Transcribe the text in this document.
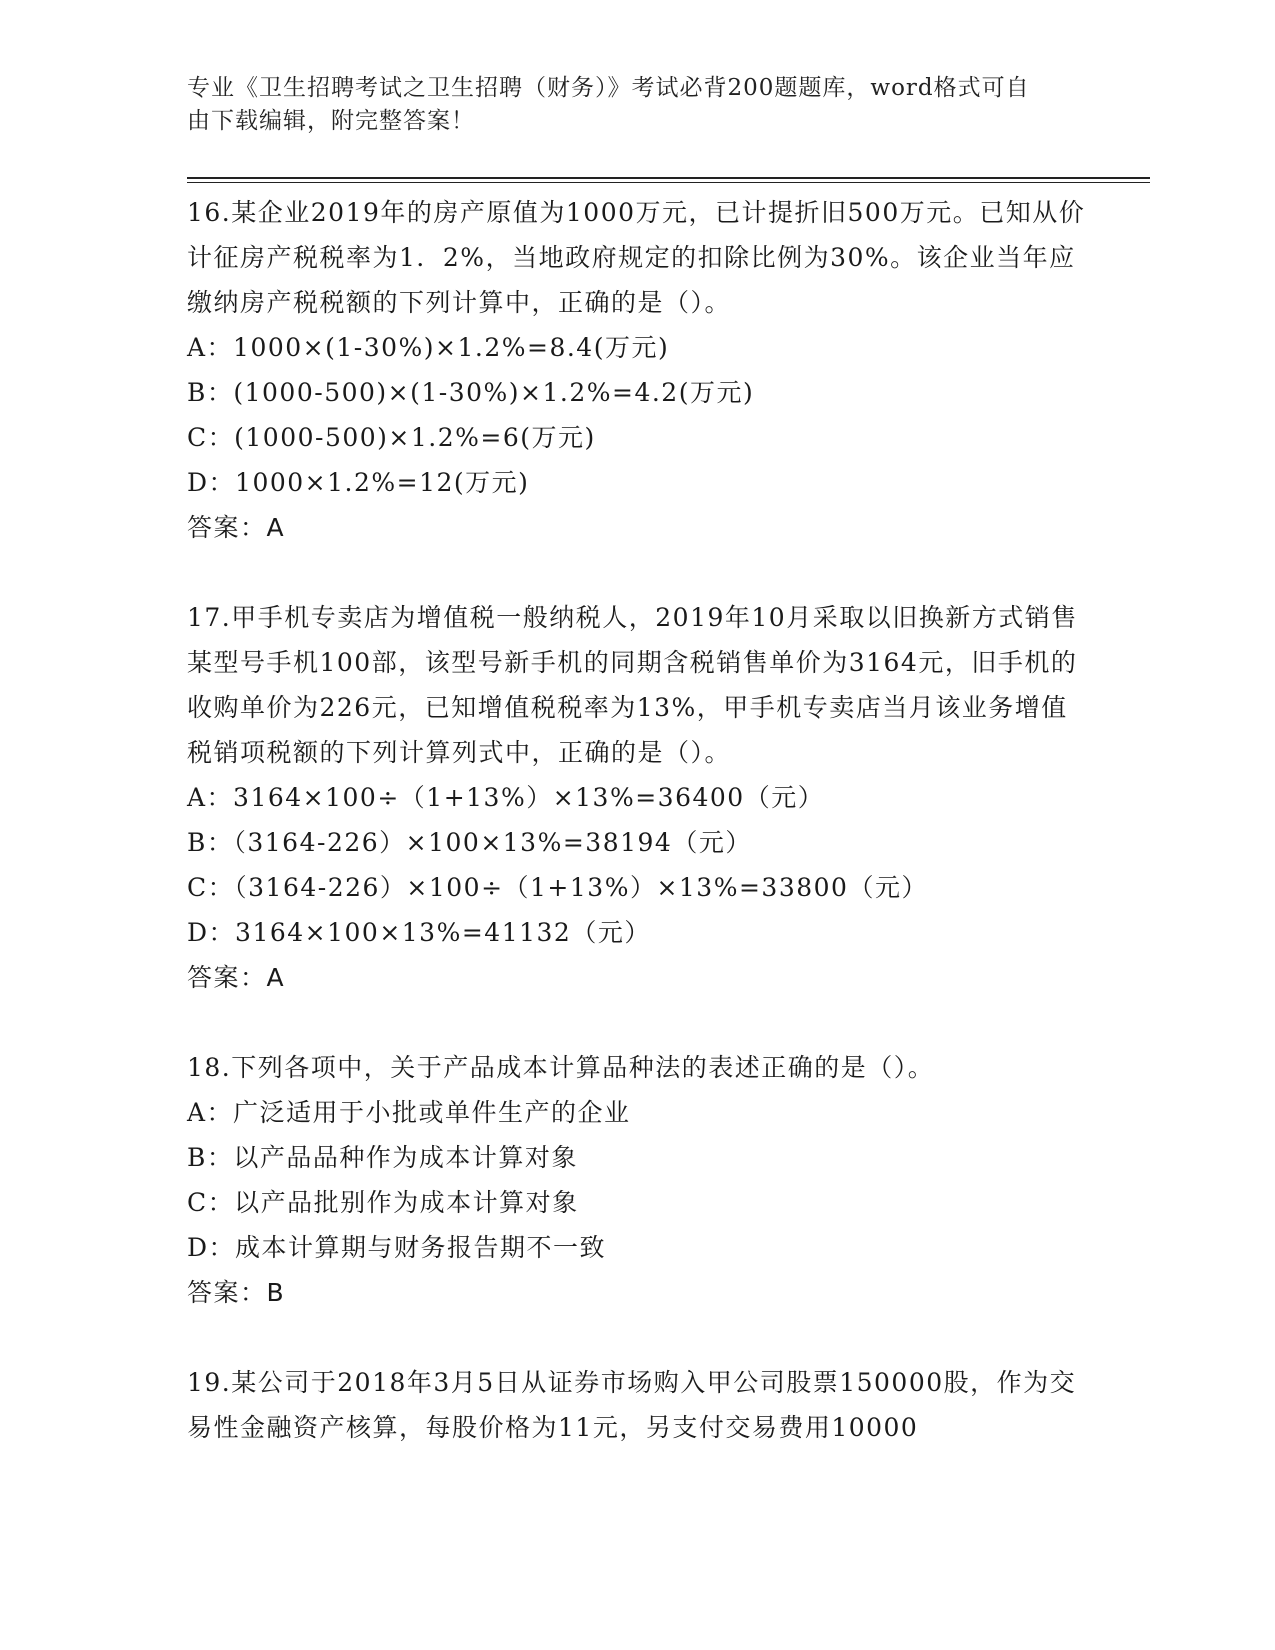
专业《卫生招聘考试之卫生招聘（财务）》考试必背200题题库，word格式可自
由下载编辑，附完整答案！

16.某企业2019年的房产原值为1000万元，已计提折旧500万元。已知从价计征房产税税率为1．2%，当地政府规定的扣除比例为30%。该企业当年应缴纳房产税税额的下列计算中，正确的是（）。

A：1000×(1-30%)×1.2%=8.4(万元)

B：(1000-500)×(1-30%)×1.2%=4.2(万元)

C：(1000-500)×1.2%=6(万元)

D：1000×1.2%=12(万元)

答案：A

17.甲手机专卖店为增值税一般纳税人，2019年10月采取以旧换新方式销售某型号手机100部，该型号新手机的同期含税销售单价为3164元，旧手机的收购单价为226元，已知增值税税率为13%，甲手机专卖店当月该业务增值税销项税额的下列计算列式中，正确的是（）。

A：3164×100÷（1+13%）×13%=36400（元）

B：（3164-226）×100×13%=38194（元）

C：（3164-226）×100÷（1+13%）×13%=33800（元）

D：3164×100×13%=41132（元）

答案：A

18.下列各项中，关于产品成本计算品种法的表述正确的是（）。

A：广泛适用于小批或单件生产的企业

B：以产品品种作为成本计算对象

C：以产品批别作为成本计算对象

D：成本计算期与财务报告期不一致

答案：B

19.某公司于2018年3月5日从证券市场购入甲公司股票150000股，作为交易性金融资产核算，每股价格为11元，另支付交易费用10000
